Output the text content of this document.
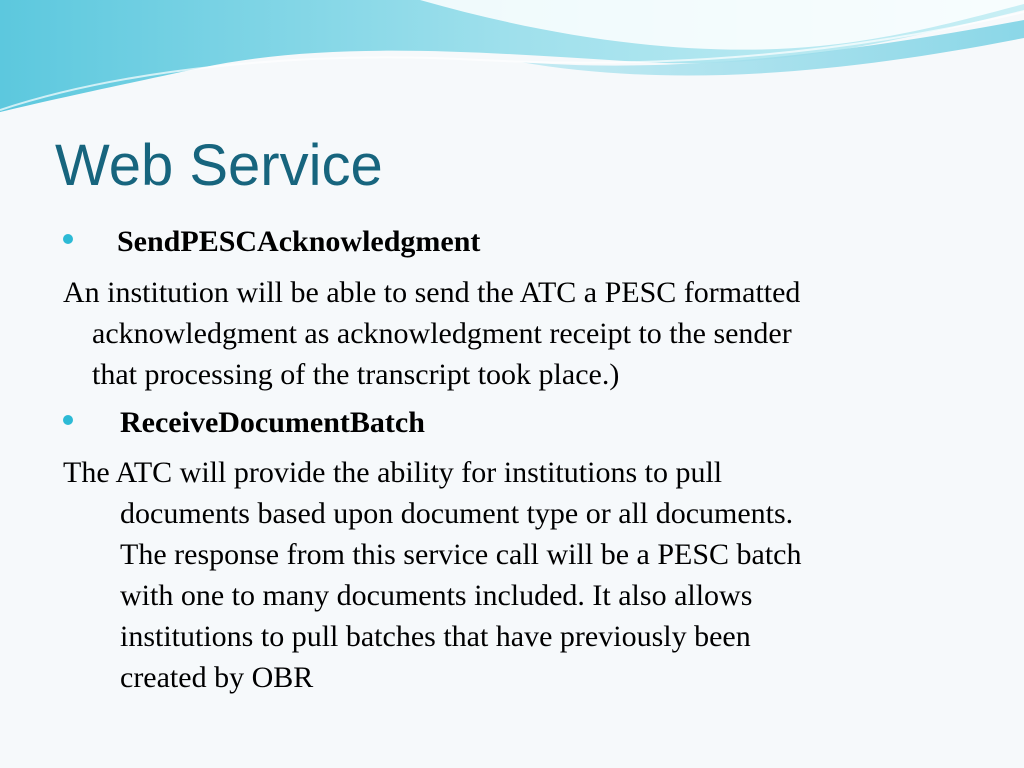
Web Service
SendPESCAcknowledgment

An institution will be able to send the ATC a PESC formatted
acknowledgment as acknowledgment receipt to the sender
that processing of the transcript took place.)

ReceiveDocumentBatch

The ATC will provide the ability for institutions to pull
documents based upon document type or all documents.
The response from this service call will be a PESC batch
with one to many documents included. It also allows
institutions to pull batches that have previously been
created by OBR
